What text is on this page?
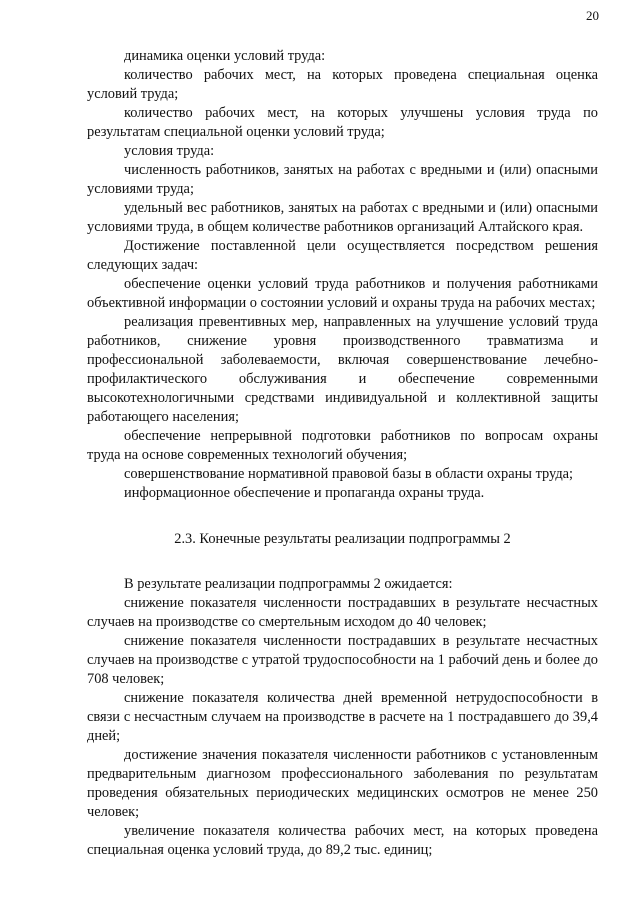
20

динамика оценки условий труда:

количество рабочих мест, на которых проведена специальная оценка условий труда;

количество рабочих мест, на которых улучшены условия труда по результатам специальной оценки условий труда;

условия труда:

численность работников, занятых на работах с вредными и (или) опасными условиями труда;

удельный вес работников, занятых на работах с вредными и (или) опасными условиями труда, в общем количестве работников организаций Алтайского края.

Достижение поставленной цели осуществляется посредством решения следующих задач:

обеспечение оценки условий труда работников и получения работниками объективной информации о состоянии условий и охраны труда на рабочих местах;

реализация превентивных мер, направленных на улучшение условий труда работников, снижение уровня производственного травматизма и профессиональной заболеваемости, включая совершенствование лечебно-профилактического обслуживания и обеспечение современными высокотехнологичными средствами индивидуальной и коллективной защиты работающего населения;

обеспечение непрерывной подготовки работников по вопросам охраны труда на основе современных технологий обучения;

совершенствование нормативной правовой базы в области охраны труда;

информационное обеспечение и пропаганда охраны труда.

2.3. Конечные результаты реализации подпрограммы 2

В результате реализации подпрограммы 2 ожидается:

снижение показателя численности пострадавших в результате несчастных случаев на производстве со смертельным исходом до 40 человек;

снижение показателя численности пострадавших в результате несчастных случаев на производстве с утратой трудоспособности на 1 рабочий день и более до 708 человек;

снижение показателя количества дней временной нетрудоспособности в связи с несчастным случаем на производстве в расчете на 1 пострадавшего до 39,4 дней;

достижение значения показателя численности работников с установленным предварительным диагнозом профессионального заболевания по результатам проведения обязательных периодических медицинских осмотров не менее 250 человек;

увеличение показателя количества рабочих мест, на которых проведена специальная оценка условий труда, до 89,2 тыс. единиц;
